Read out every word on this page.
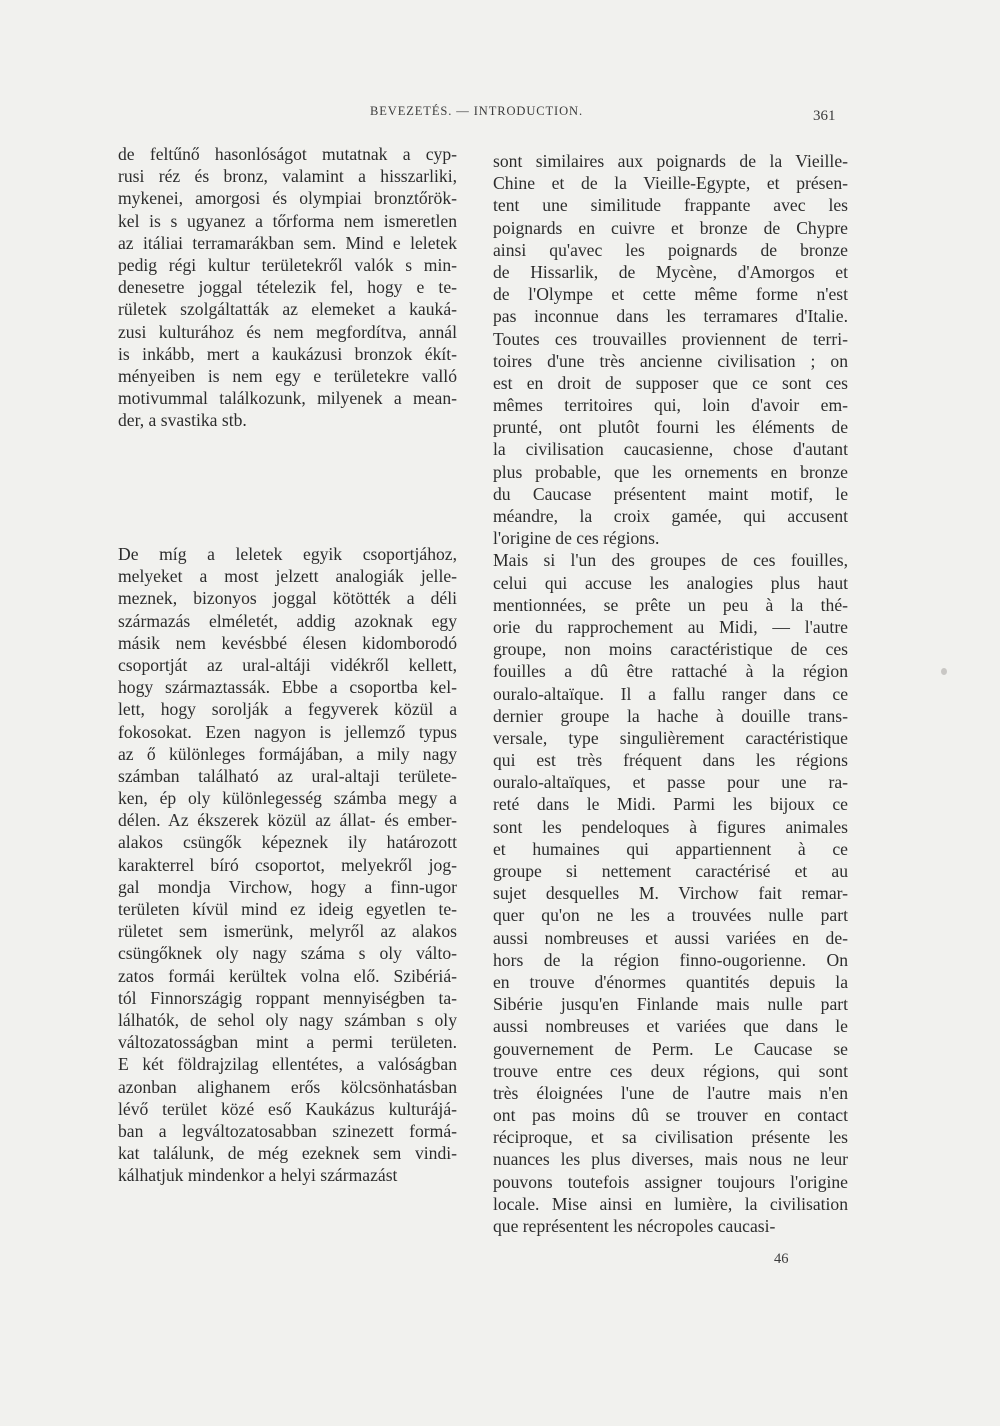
BEVEZETÉS. — INTRODUCTION.	361
de feltűnő hasonlóságot mutatnak a cyp-
rusi réz és bronz, valamint a hisszarliki,
mykenei, amorgosi és olympiai bronztőrök-
kel is s ugyanez a tőrforma nem ismeretlen
az itáliai terramarákban sem. Mind e leletek
pedig régi kultur területekről valók s min-
denesetre joggal tételezik fel, hogy e te-
rületek szolgáltatták az elemeket a kauká-
zusi kulturához és nem megfordítva, annál
is inkább, mert a kaukázusi bronzok ékít-
ményeiben is nem egy e területekre valló
motivummal találkozunk, milyenek a mean-
der, a svastika stb.
De míg a leletek egyik csoportjához,
melyeket a most jelzett analogiák jelle-
meznek, bizonyos joggal kötötték a déli
származás elméletét, addig azoknak egy
másik nem kevésbbé élesen kidomborodó
csoportját az ural-altáji vidékről kellett,
hogy származtassák. Ebbe a csoportba kel-
lett, hogy sorolják a fegyverek közül a
fokosokat. Ezen nagyon is jellemző typus
az ő különleges formájában, a mily nagy
számban található az ural-altaji területe-
ken, ép oly különlegesség számba megy a
délen. Az ékszerek közül az állat- és ember-
alakos csüngők képeznek ily határozott
karakterrel bíró csoportot, melyekről jog-
gal mondja Virchow, hogy a finn-ugor
területen kívül mind ez ideig egyetlen te-
rületet sem ismerünk, melyről az alakos
csüngőknek oly nagy száma s oly válto-
zatos formái kerültek volna elő. Szibériá-
tól Finnországig roppant mennyiségben ta-
lálhatók, de sehol oly nagy számban s oly
változatosságban mint a permi területen.
E két földrajzilag ellentétes, a valóságban
azonban alighanem erős kölcsönhatásban
lévő terület közé eső Kaukázus kulturájá-
ban a legváltozatosabban szinezett formá-
kat találunk, de még ezeknek sem vindi-
kálhatjuk mindenkor a helyi származást
sont similaires aux poignards de la Vieille-
Chine et de la Vieille-Egypte, et présen-
tent une similitude frappante avec les
poignards en cuivre et bronze de Chypre
ainsi qu'avec les poignards de bronze
de Hissarlik, de Mycène, d'Amorgos et
de l'Olympe et cette même forme n'est
pas inconnue dans les terramares d'Italie.
Toutes ces trouvailles proviennent de terri-
toires d'une très ancienne civilisation ; on
est en droit de supposer que ce sont ces
mêmes territoires qui, loin d'avoir em-
prunté, ont plutôt fourni les éléments de
la civilisation caucasienne, chose d'autant
plus probable, que les ornements en bronze
du Caucase présentent maint motif, le
méandre, la croix gamée, qui accusent
l'origine de ces régions.
Mais si l'un des groupes de ces fouilles,
celui qui accuse les analogies plus haut
mentionnées, se prête un peu à la thé-
orie du rapprochement au Midi, — l'autre
groupe, non moins caractéristique de ces
fouilles a dû être rattaché à la région
ouralo-altaïque. Il a fallu ranger dans ce
dernier groupe la hache à douille trans-
versale, type singulièrement caractéristique
qui est très fréquent dans les régions
ouralo-altaïques, et passe pour une ra-
reté dans le Midi. Parmi les bijoux ce
sont les pendeloques à figures animales
et humaines qui appartiennent à ce
groupe si nettement caractérisé et au
sujet desquelles M. Virchow fait remar-
quer qu'on ne les a trouvées nulle part
aussi nombreuses et aussi variées en de-
hors de la région finno-ougorienne. On
en trouve d'énormes quantités depuis la
Sibérie jusqu'en Finlande mais nulle part
aussi nombreuses et variées que dans le
gouvernement de Perm. Le Caucase se
trouve entre ces deux régions, qui sont
très éloignées l'une de l'autre mais n'en
ont pas moins dû se trouver en contact
réciproque, et sa civilisation présente les
nuances les plus diverses, mais nous ne leur
pouvons toutefois assigner toujours l'origine
locale. Mise ainsi en lumière, la civilisation
que représentent les nécropoles caucasi-
46
